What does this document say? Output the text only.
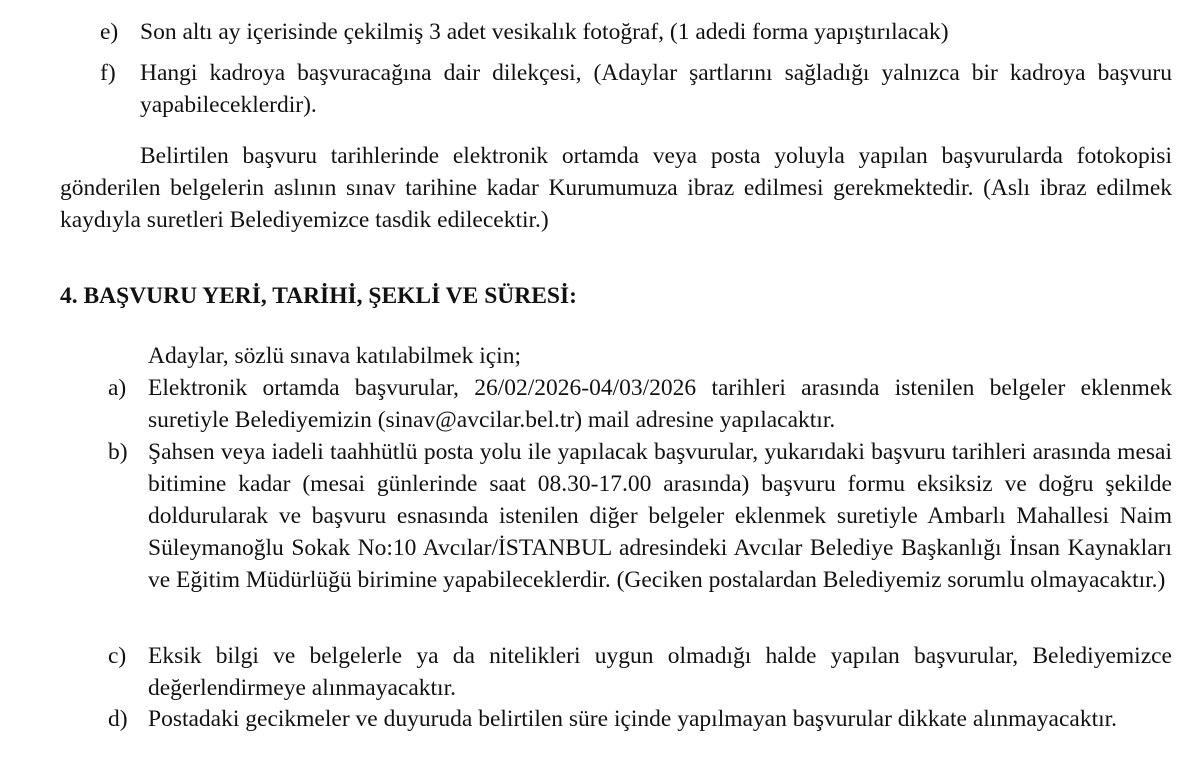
e) Son altı ay içerisinde çekilmiş 3 adet vesikalık fotoğraf, (1 adedi forma yapıştırılacak)
f)	Hangi kadroya başvuracağına dair dilekçesi, (Adaylar şartlarını sağladığı yalnızca bir kadroya başvuru yapabileceklerdir).

Belirtilen başvuru tarihlerinde elektronik ortamda veya posta yoluyla yapılan başvurularda fotokopisi gönderilen belgelerin aslının sınav tarihine kadar Kurumumuza ibraz edilmesi gerekmektedir. (Aslı ibraz edilmek kaydıyla suretleri Belediyemizce tasdik edilecektir.)

4. BAŞVURU YERİ, TARİHİ, ŞEKLİ VE SÜRESİ:
Adaylar, sözlü sınava katılabilmek için;
a) Elektronik ortamda başvurular, 26/02/2026-04/03/2026 tarihleri arasında istenilen belgeler eklenmek suretiyle Belediyemizin (sinav@avcilar.bel.tr) mail adresine yapılacaktır.
b) Şahsen veya iadeli taahhütlü posta yolu ile yapılacak başvurular, yukarıdaki başvuru tarihleri arasında mesai bitimine kadar (mesai günlerinde saat 08.30-17.00 arasında) başvuru formu eksiksiz ve doğru şekilde doldurularak ve başvuru esnasında istenilen diğer belgeler eklenmek suretiyle Ambarlı Mahallesi Naim Süleymanoğlu Sokak No:10 Avcılar/İSTANBUL adresindeki Avcılar Belediye Başkanlığı İnsan Kaynakları ve Eğitim Müdürlüğü birimine yapabileceklerdir. (Geciken postalardan Belediyemiz sorumlu olmayacaktır.)
c) Eksik bilgi ve belgelerle ya da nitelikleri uygun olmadığı halde yapılan başvurular, Belediyemizce değerlendirmeye alınmayacaktır.
d) Postadaki gecikmeler ve duyuruda belirtilen süre içinde yapılmayan başvurular dikkate alınmayacaktır.
